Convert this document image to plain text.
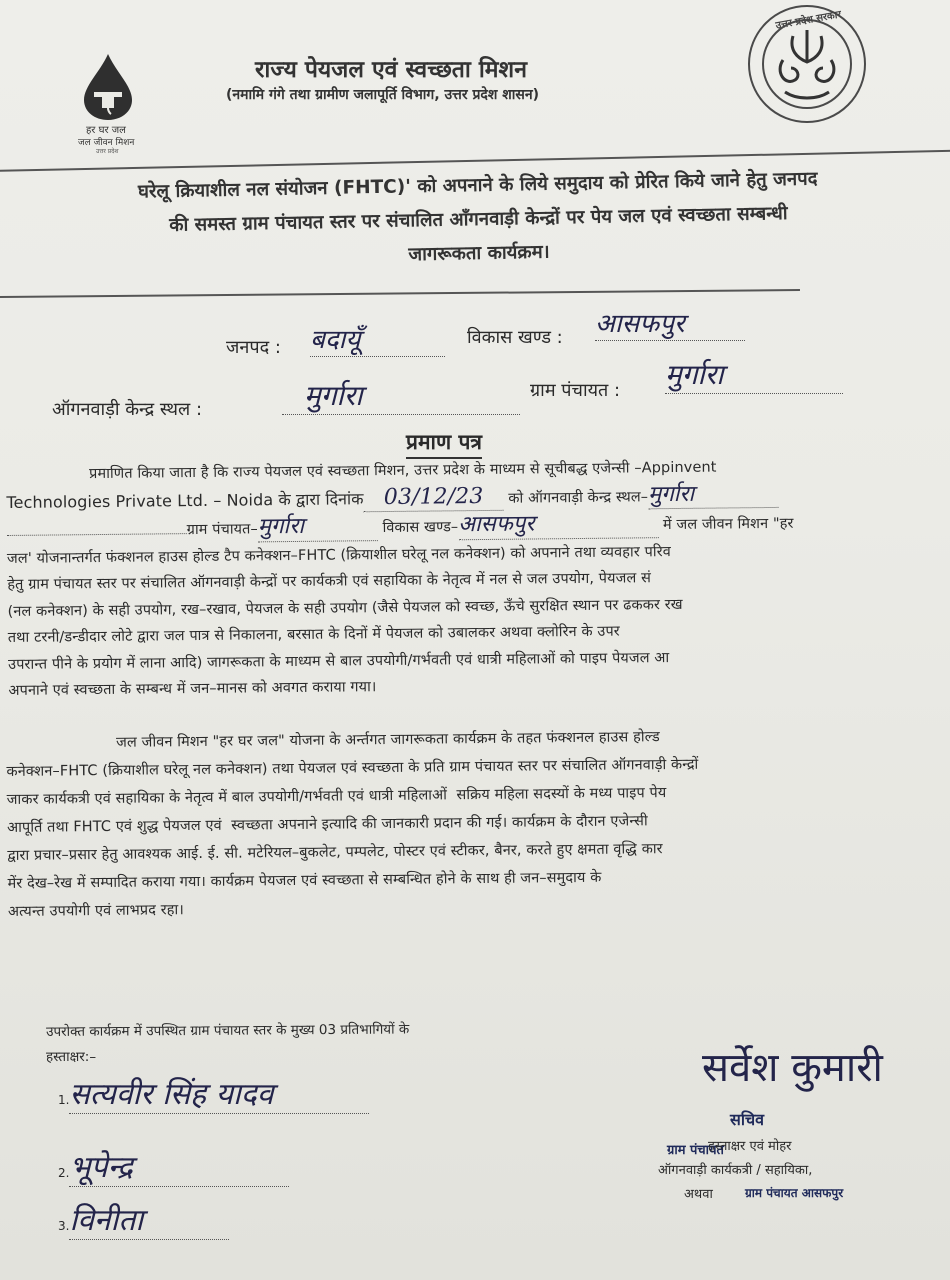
हर घर जल
जल जीवन मिशन
उत्तर प्रदेश
राज्य पेयजल एवं स्वच्छता मिशन
(नमामि गंगे तथा ग्रामीण जलापूर्ति विभाग, उत्तर प्रदेश शासन)
उत्तर प्रदेश सरकार
घरेलू क्रियाशील नल संयोजन (FHTC)' को अपनाने के लिये समुदाय को प्रेरित किये जाने हेतु जनपद
की समस्त ग्राम पंचायत स्तर पर संचालित ऑंगनवाड़ी केन्द्रों पर पेय जल एवं स्वच्छता सम्बन्धी
जागरूकता कार्यक्रम।
जनपद : बदायूँ	विकास खण्ड : आसफपुर
ऑगनवाड़ी केन्द्र स्थल :	मुर्गारा	ग्राम पंचायत : मुर्गारा
प्रमाण पत्र

प्रमाणित किया जाता है कि राज्य पेयजल एवं स्वच्छता मिशन, उत्तर प्रदेश के माध्यम से सूचीबद्ध एजेन्सी –Appinvent

Technologies Private Ltd. – Noida के द्वारा दिनांक 03/12/23 को ऑगनवाड़ी केन्द्र स्थल–मुर्गारा

ग्राम पंचायत–मुर्गारा	विकास खण्ड–आसफपुर	में जल जीवन मिशन "हर

जल' योजनान्तर्गत फंक्शनल हाउस होल्ड टैप कनेक्शन–FHTC (क्रियाशील घरेलू नल कनेक्शन) को अपनाने तथा व्यवहार परिव

हेतु ग्राम पंचायत स्तर पर संचालित ऑगनवाड़ी केन्द्रों पर कार्यकत्री एवं सहायिका के नेतृत्व में नल से जल उपयोग, पेयजल सं

(नल कनेक्शन) के सही उपयोग, रख–रखाव, पेयजल के सही उपयोग (जैसे पेयजल को स्वच्छ, ऊँचे सुरक्षित स्थान पर ढककर रख

तथा टरनी/डन्डीदार लोटे द्वारा जल पात्र से निकालना, बरसात के दिनों में पेयजल को उबालकर अथवा क्लोरिन के उपर

उपरान्त पीने के प्रयोग में लाना आदि) जागरूकता के माध्यम से बाल उपयोगी/गर्भवती एवं धात्री महिलाओं को पाइप पेयजल आ

अपनाने एवं स्वच्छता के सम्बन्ध में जन–मानस को अवगत कराया गया।

जल जीवन मिशन "हर घर जल" योजना के अर्न्तगत जागरूकता कार्यक्रम के तहत फंक्शनल हाउस होल्ड

कनेक्शन–FHTC (क्रियाशील घरेलू नल कनेक्शन) तथा पेयजल एवं स्वच्छता के प्रति ग्राम पंचायत स्तर पर संचालित ऑगनवाड़ी केन्द्रों

जाकर कार्यकत्री एवं सहायिका के नेतृत्व में बाल उपयोगी/गर्भवती एवं धात्री महिलाओं  सक्रिय महिला सदस्यों के मध्य पाइप पेय

आपूर्ति तथा FHTC एवं शुद्ध पेयजल एवं  स्वच्छता अपनाने इत्यादि की जानकारी प्रदान की गई। कार्यक्रम के दौरान एजेन्सी

द्वारा प्रचार–प्रसार हेतु आवश्यक आई. ई. सी. मटेरियल–बुकलेट, पम्पलेट, पोस्टर एवं स्टीकर, बैनर, करते हुए क्षमता वृद्धि कार

मेंर देख–रेख में सम्पादित कराया गया। कार्यक्रम पेयजल एवं स्वच्छता से सम्बन्धित होने के साथ ही जन–समुदाय के

अत्यन्त उपयोगी एवं लाभप्रद रहा।

उपरोक्त कार्यक्रम में उपस्थित ग्राम पंचायत स्तर के मुख्य 03 प्रतिभागियों के
हस्ताक्षर:–
1.सत्यवीर सिंह यादव
2.भूपेन्द्र
3.विनीता
सर्वेश कुमारी
सचिव
ग्राम पंचायत
ग्राम पंचायत आसफपुर
हस्ताक्षर एवं मोहर
ऑगनवाड़ी कार्यकत्री / सहायिका,
अथवा
